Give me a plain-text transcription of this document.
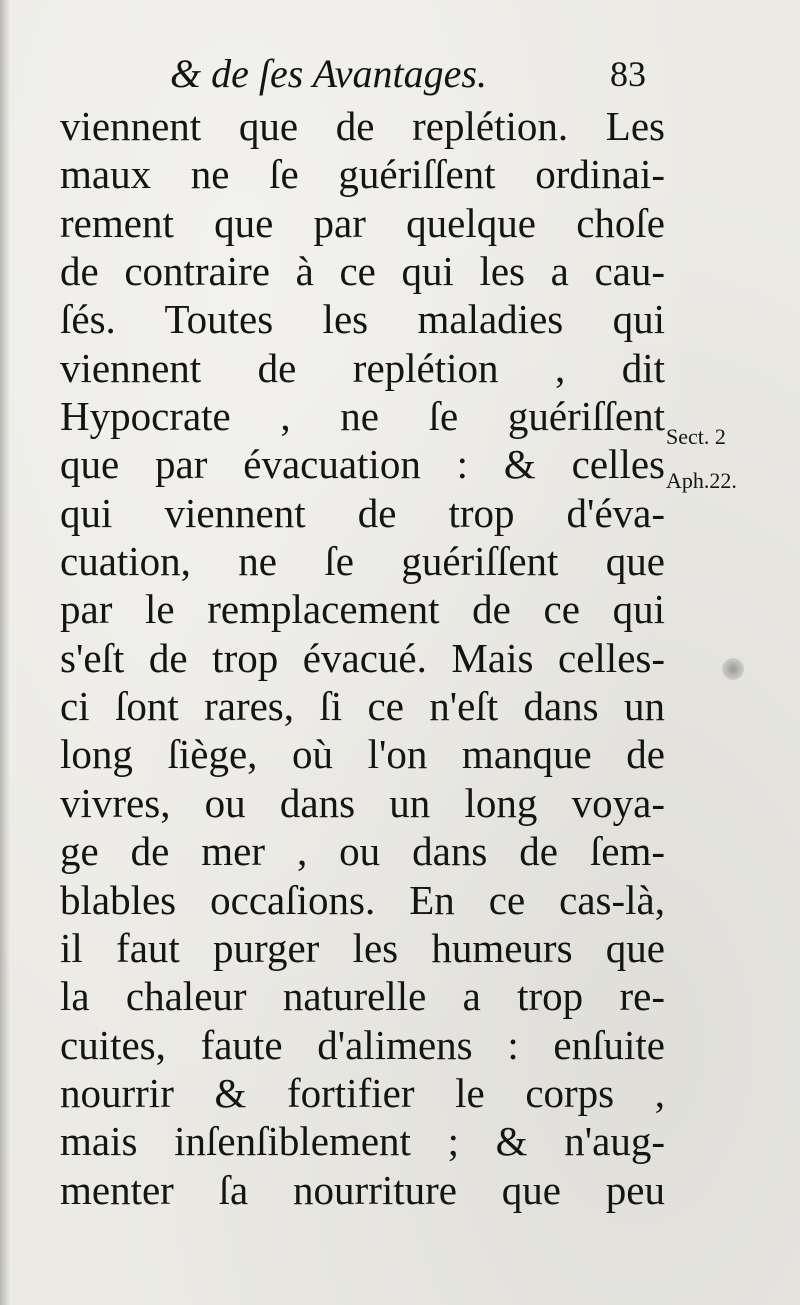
& de ſes Avantages.	83
viennent que de replétion. Les
maux ne ſe guériſſent ordinai-
rement que par quelque choſe
de contraire à ce qui les a cau-
ſés. Toutes les maladies qui
viennent de replétion , dit
Hypocrate , ne ſe guériſſent
que par évacuation : & celles
qui viennent de trop d'éva-
cuation, ne ſe guériſſent que
par le remplacement de ce qui
s'eſt de trop évacué. Mais celles-
ci ſont rares, ſi ce n'eſt dans un
long ſiège, où l'on manque de
vivres, ou dans un long voya-
ge de mer , ou dans de ſem-
blables occaſions. En ce cas-là,
il faut purger les humeurs que
la chaleur naturelle a trop re-
cuites, faute d'alimens : enſuite
nourrir & fortifier le corps ,
mais inſenſiblement ; & n'aug-
menter ſa nourriture que peu
Sect. 2
Aph.22.
